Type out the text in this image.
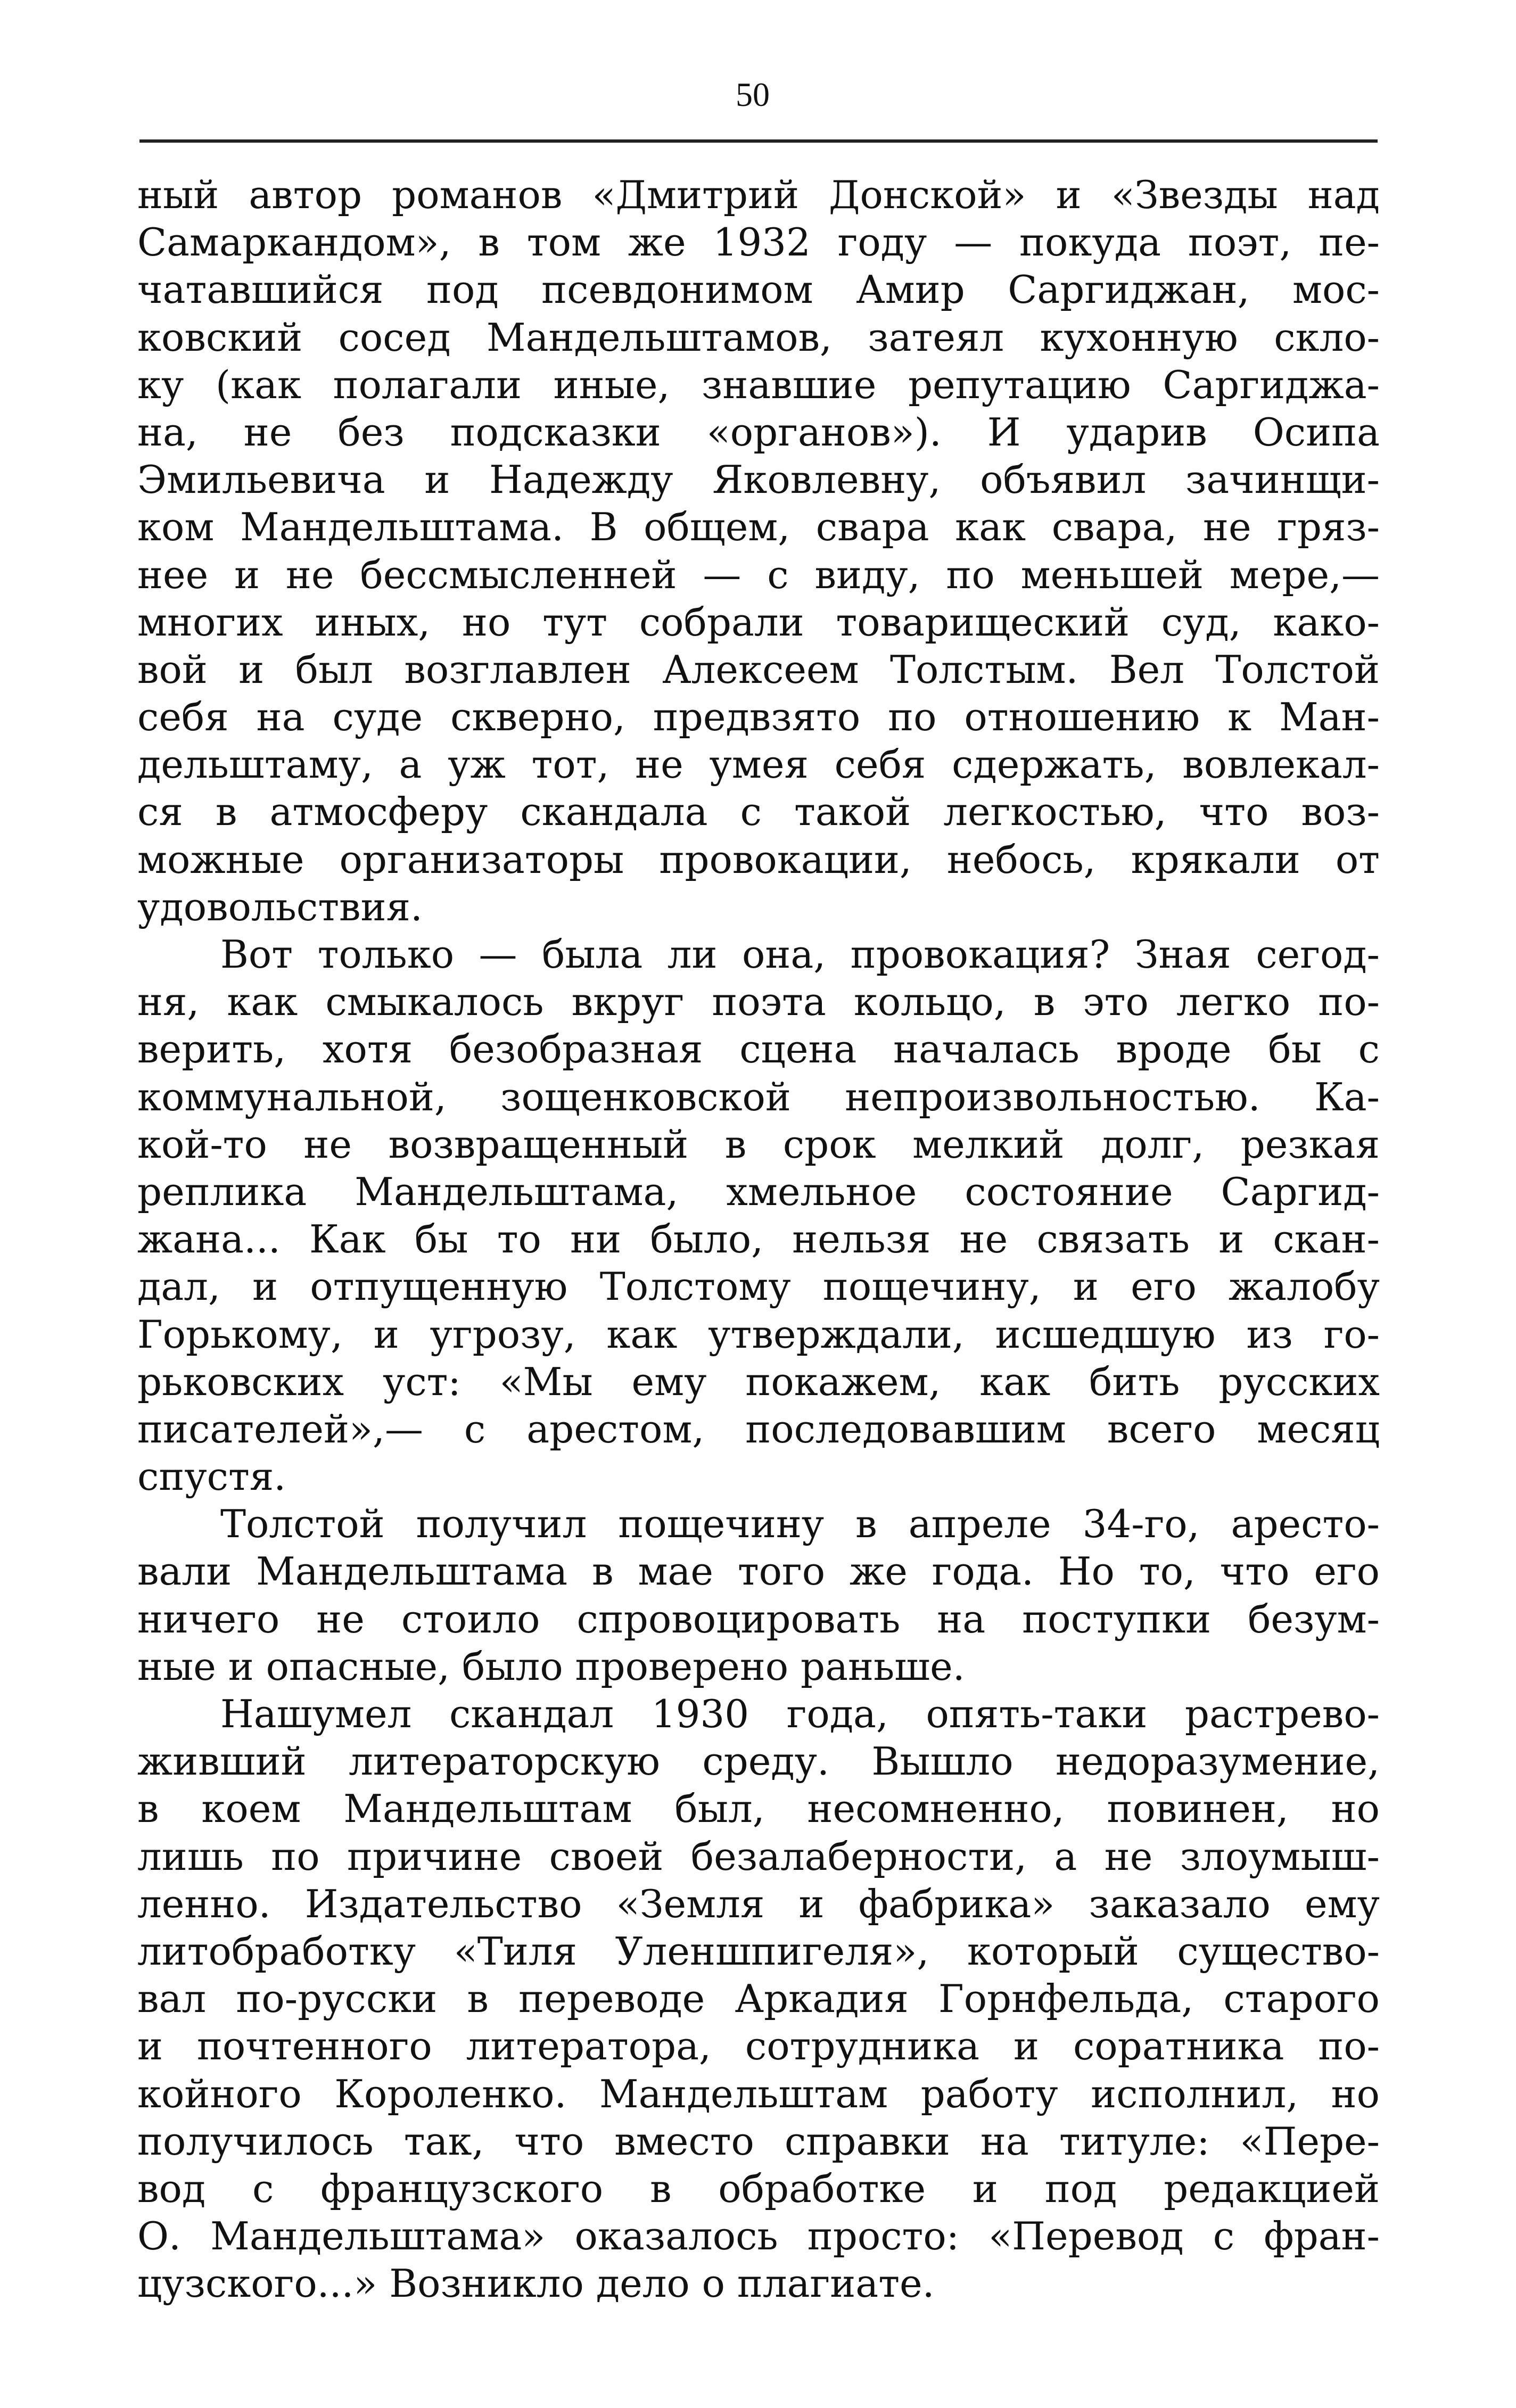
50
ный автор романов «Дмитрий Донской» и «Звезды над
Самаркандом», в том же 1932 году — покуда поэт, пе-
чатавшийся под псевдонимом Амир Саргиджан, мос-
ковский сосед Мандельштамов, затеял кухонную скло-
ку (как полагали иные, знавшие репутацию Саргиджа-
на, не без подсказки «органов»). И ударив Осипа
Эмильевича и Надежду Яковлевну, объявил зачинщи-
ком Мандельштама. В общем, свара как свара, не гряз-
нее и не бессмысленней — с виду, по меньшей мере,—
многих иных, но тут собрали товарищеский суд, како-
вой и был возглавлен Алексеем Толстым. Вел Толстой
себя на суде скверно, предвзято по отношению к Ман-
дельштаму, а уж тот, не умея себя сдержать, вовлекал-
ся в атмосферу скандала с такой легкостью, что воз-
можные организаторы провокации, небось, крякали от
удовольствия.
Вот только — была ли она, провокация? Зная сегод-
ня, как смыкалось вкруг поэта кольцо, в это легко по-
верить, хотя безобразная сцена началась вроде бы с
коммунальной, зощенковской непроизвольностью. Ка-
кой-то не возвращенный в срок мелкий долг, резкая
реплика Мандельштама, хмельное состояние Саргид-
жана... Как бы то ни было, нельзя не связать и скан-
дал, и отпущенную Толстому пощечину, и его жалобу
Горькому, и угрозу, как утверждали, исшедшую из го-
рьковских уст: «Мы ему покажем, как бить русских
писателей»,— с арестом, последовавшим всего месяц
спустя.
Толстой получил пощечину в апреле 34-го, аресто-
вали Мандельштама в мае того же года. Но то, что его
ничего не стоило спровоцировать на поступки безум-
ные и опасные, было проверено раньше.
Нашумел скандал 1930 года, опять-таки растрево-
живший литераторскую среду. Вышло недоразумение,
в коем Мандельштам был, несомненно, повинен, но
лишь по причине своей безалаберности, а не злоумыш-
ленно. Издательство «Земля и фабрика» заказало ему
литобработку «Тиля Уленшпигеля», который существо-
вал по-русски в переводе Аркадия Горнфельда, старого
и почтенного литератора, сотрудника и соратника по-
койного Короленко. Мандельштам работу исполнил, но
получилось так, что вместо справки на титуле: «Пере-
вод с французского в обработке и под редакцией
О. Мандельштама» оказалось просто: «Перевод с фран-
цузского...» Возникло дело о плагиате.
